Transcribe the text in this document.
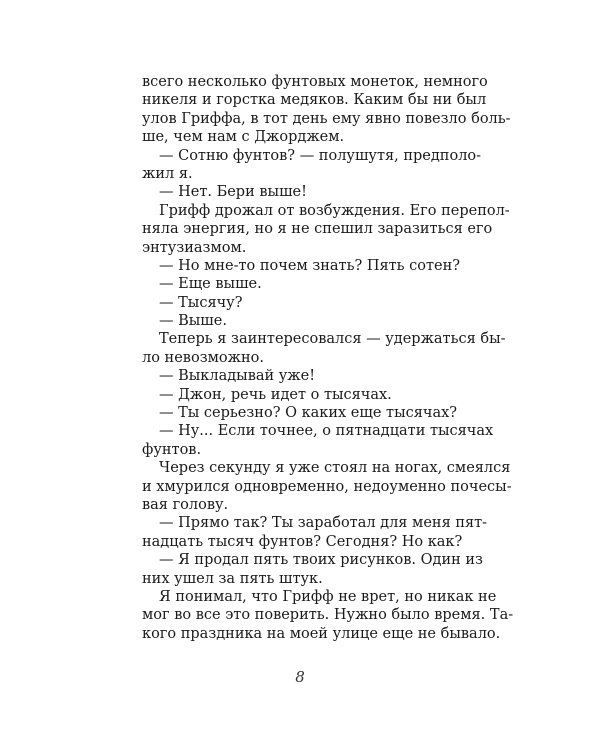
всего несколько фунтовых монеток, немного
никеля и горстка медяков. Каким бы ни был
улов Гриффа, в тот день ему явно повезло боль-
ше, чем нам с Джорджем.
— Сотню фунтов? — полушутя, предполо-
жил я.
— Нет. Бери выше!
Грифф дрожал от возбуждения. Его перепол-
няла энергия, но я не спешил заразиться его
энтузиазмом.
— Но мне-то почем знать? Пять сотен?
— Еще выше.
— Тысячу?
— Выше.
Теперь я заинтересовался — удержаться бы-
ло невозможно.
— Выкладывай уже!
— Джон, речь идет о тысячах.
— Ты серьезно? О каких еще тысячах?
— Ну... Если точнее, о пятнадцати тысячах
фунтов.
Через секунду я уже стоял на ногах, смеялся
и хмурился одновременно, недоуменно почесы-
вая голову.
— Прямо так? Ты заработал для меня пят-
надцать тысяч фунтов? Сегодня? Но как?
— Я продал пять твоих рисунков. Один из
них ушел за пять штук.
Я понимал, что Грифф не врет, но никак не
мог во все это поверить. Нужно было время. Та-
кого праздника на моей улице еще не бывало.
8
